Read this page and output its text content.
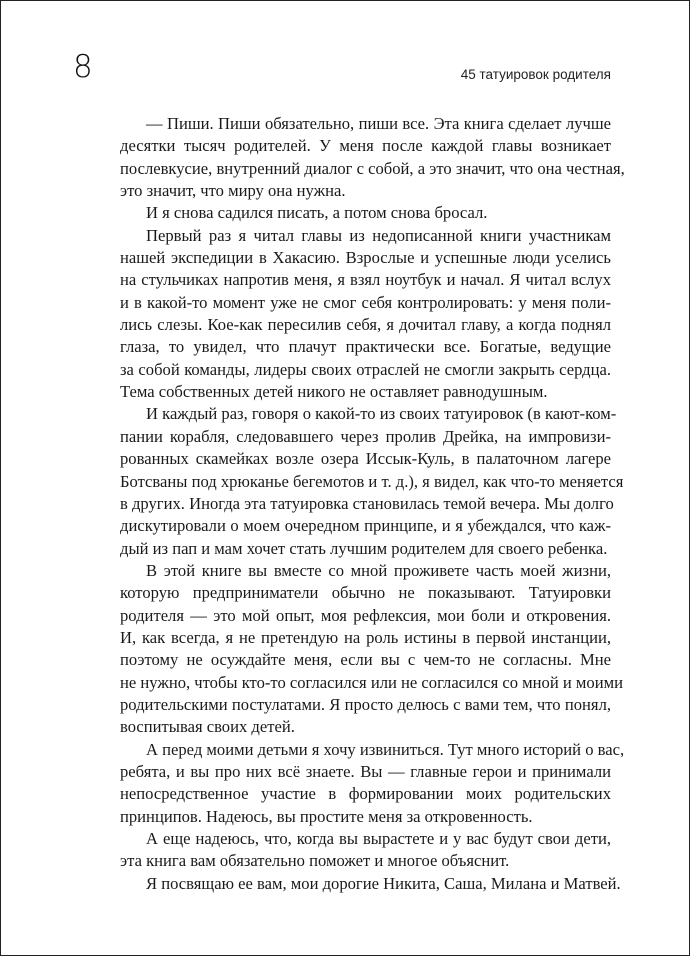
8	45 татуировок родителя
— Пиши. Пиши обязательно, пиши все. Эта книга сделает лучше
десятки тысяч родителей. У меня после каждой главы возникает
послевкусие, внутренний диалог с собой, а это значит, что она честная,
это значит, что миру она нужна.
И я снова садился писать, а потом снова бросал.
Первый раз я читал главы из недописанной книги участникам
нашей экспедиции в Хакасию. Взрослые и успешные люди уселись
на стульчиках напротив меня, я взял ноутбук и начал. Я читал вслух
и в какой-то момент уже не смог себя контролировать: у меня поли-
лись слезы. Кое-как пересилив себя, я дочитал главу, а когда поднял
глаза, то увидел, что плачут практически все. Богатые, ведущие
за собой команды, лидеры своих отраслей не смогли закрыть сердца.
Тема собственных детей никого не оставляет равнодушным.
И каждый раз, говоря о какой-то из своих татуировок (в кают-ком-
пании корабля, следовавшего через пролив Дрейка, на импровизи-
рованных скамейках возле озера Иссык-Куль, в палаточном лагере
Ботсваны под хрюканье бегемотов и т. д.), я видел, как что-то меняется
в других. Иногда эта татуировка становилась темой вечера. Мы долго
дискутировали о моем очередном принципе, и я убеждался, что каж-
дый из пап и мам хочет стать лучшим родителем для своего ребенка.
В этой книге вы вместе со мной проживете часть моей жизни,
которую предприниматели обычно не показывают. Татуировки
родителя — это мой опыт, моя рефлексия, мои боли и откровения.
И, как всегда, я не претендую на роль истины в первой инстанции,
поэтому не осуждайте меня, если вы с чем-то не согласны. Мне
не нужно, чтобы кто-то согласился или не согласился со мной и моими
родительскими постулатами. Я просто делюсь с вами тем, что понял,
воспитывая своих детей.
А перед моими детьми я хочу извиниться. Тут много историй о вас,
ребята, и вы про них всё знаете. Вы — главные герои и принимали
непосредственное участие в формировании моих родительских
принципов. Надеюсь, вы простите меня за откровенность.
А еще надеюсь, что, когда вы вырастете и у вас будут свои дети,
эта книга вам обязательно поможет и многое объяснит.
Я посвящаю ее вам, мои дорогие Никита, Саша, Милана и Матвей.
